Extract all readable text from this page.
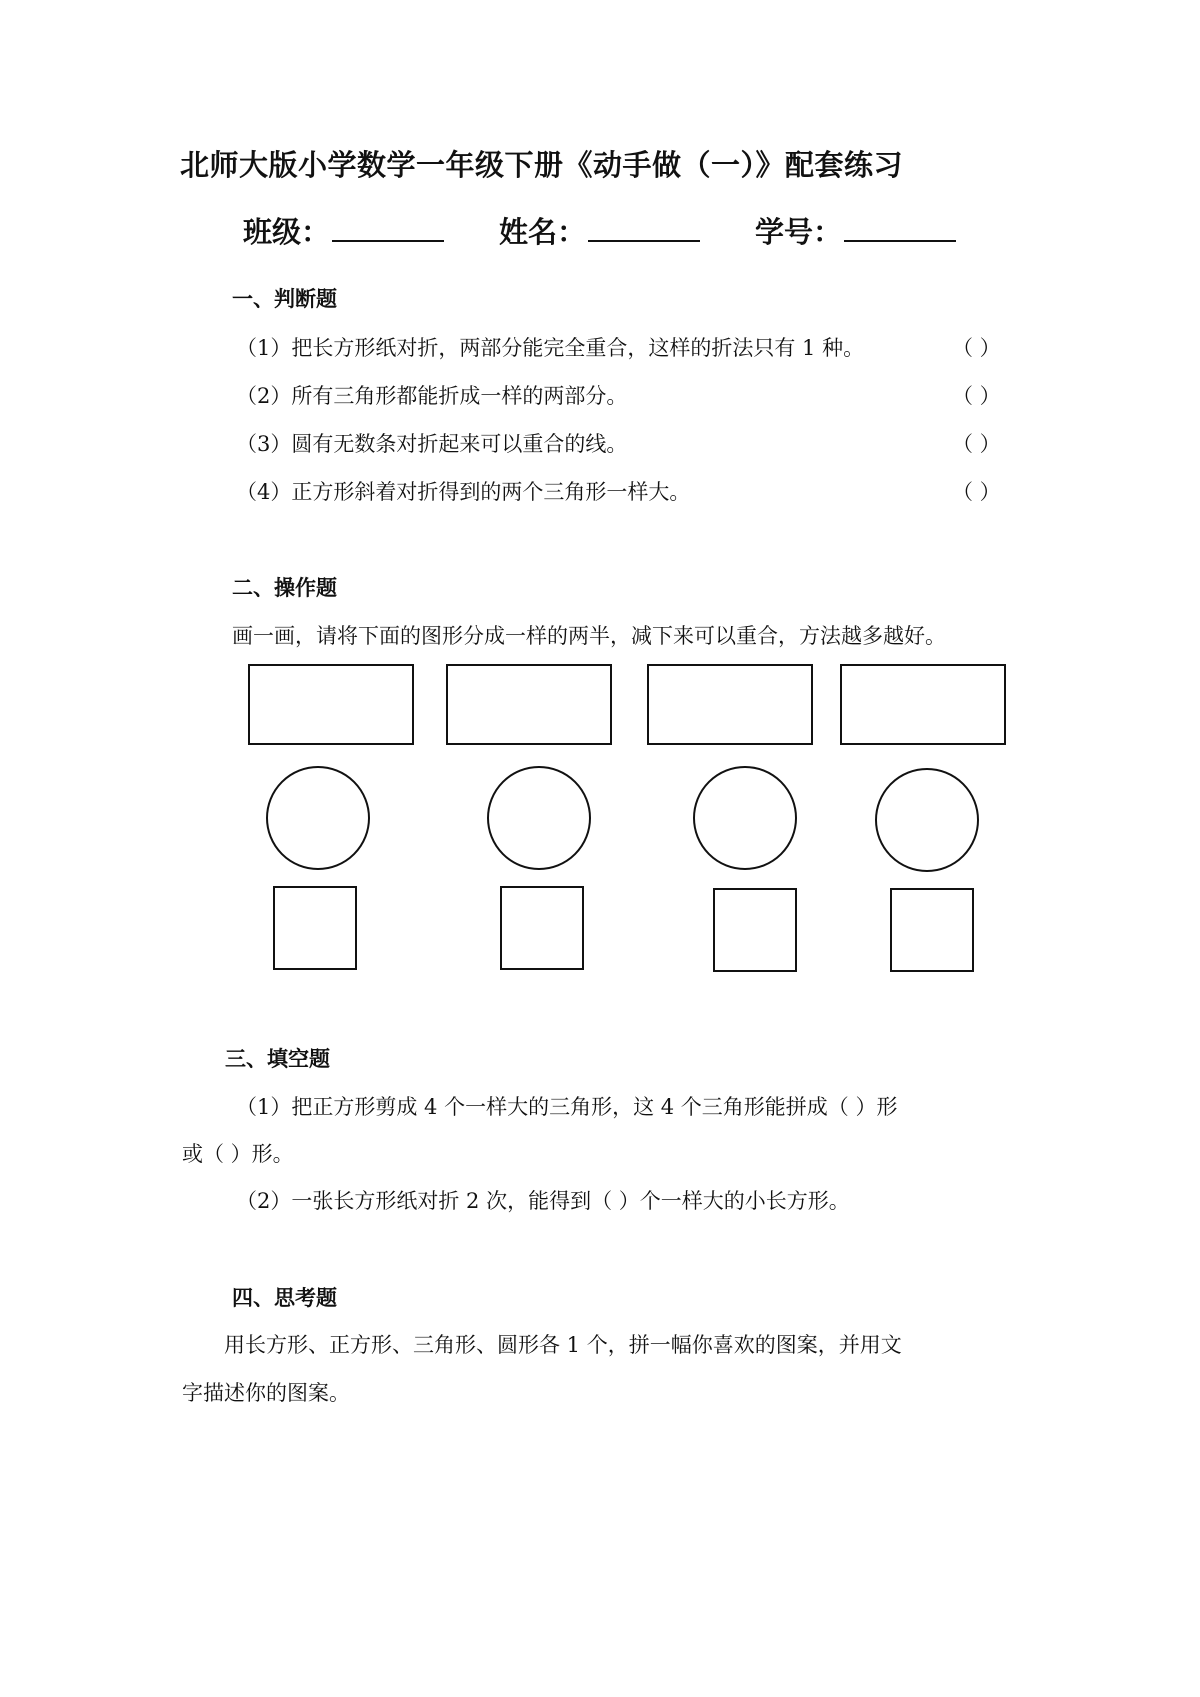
北师大版小学数学一年级下册《动手做（一）》配套练习
班级：	姓名：	学号：
一、判断题
（1）把长方形纸对折，两部分能完全重合，这样的折法只有 1 种。	（ ）
（2）所有三角形都能折成一样的两部分。	（ ）
（3）圆有无数条对折起来可以重合的线。	（ ）
（4）正方形斜着对折得到的两个三角形一样大。	（ ）
二、操作题
画一画，请将下面的图形分成一样的两半，减下来可以重合，方法越多越好。
三、填空题
（1）把正方形剪成 4 个一样大的三角形，这 4 个三角形能拼成（ ）形
或（ ）形。
（2）一张长方形纸对折 2 次，能得到（ ）个一样大的小长方形。
四、思考题
用长方形、正方形、三角形、圆形各 1 个，拼一幅你喜欢的图案，并用文
字描述你的图案。
